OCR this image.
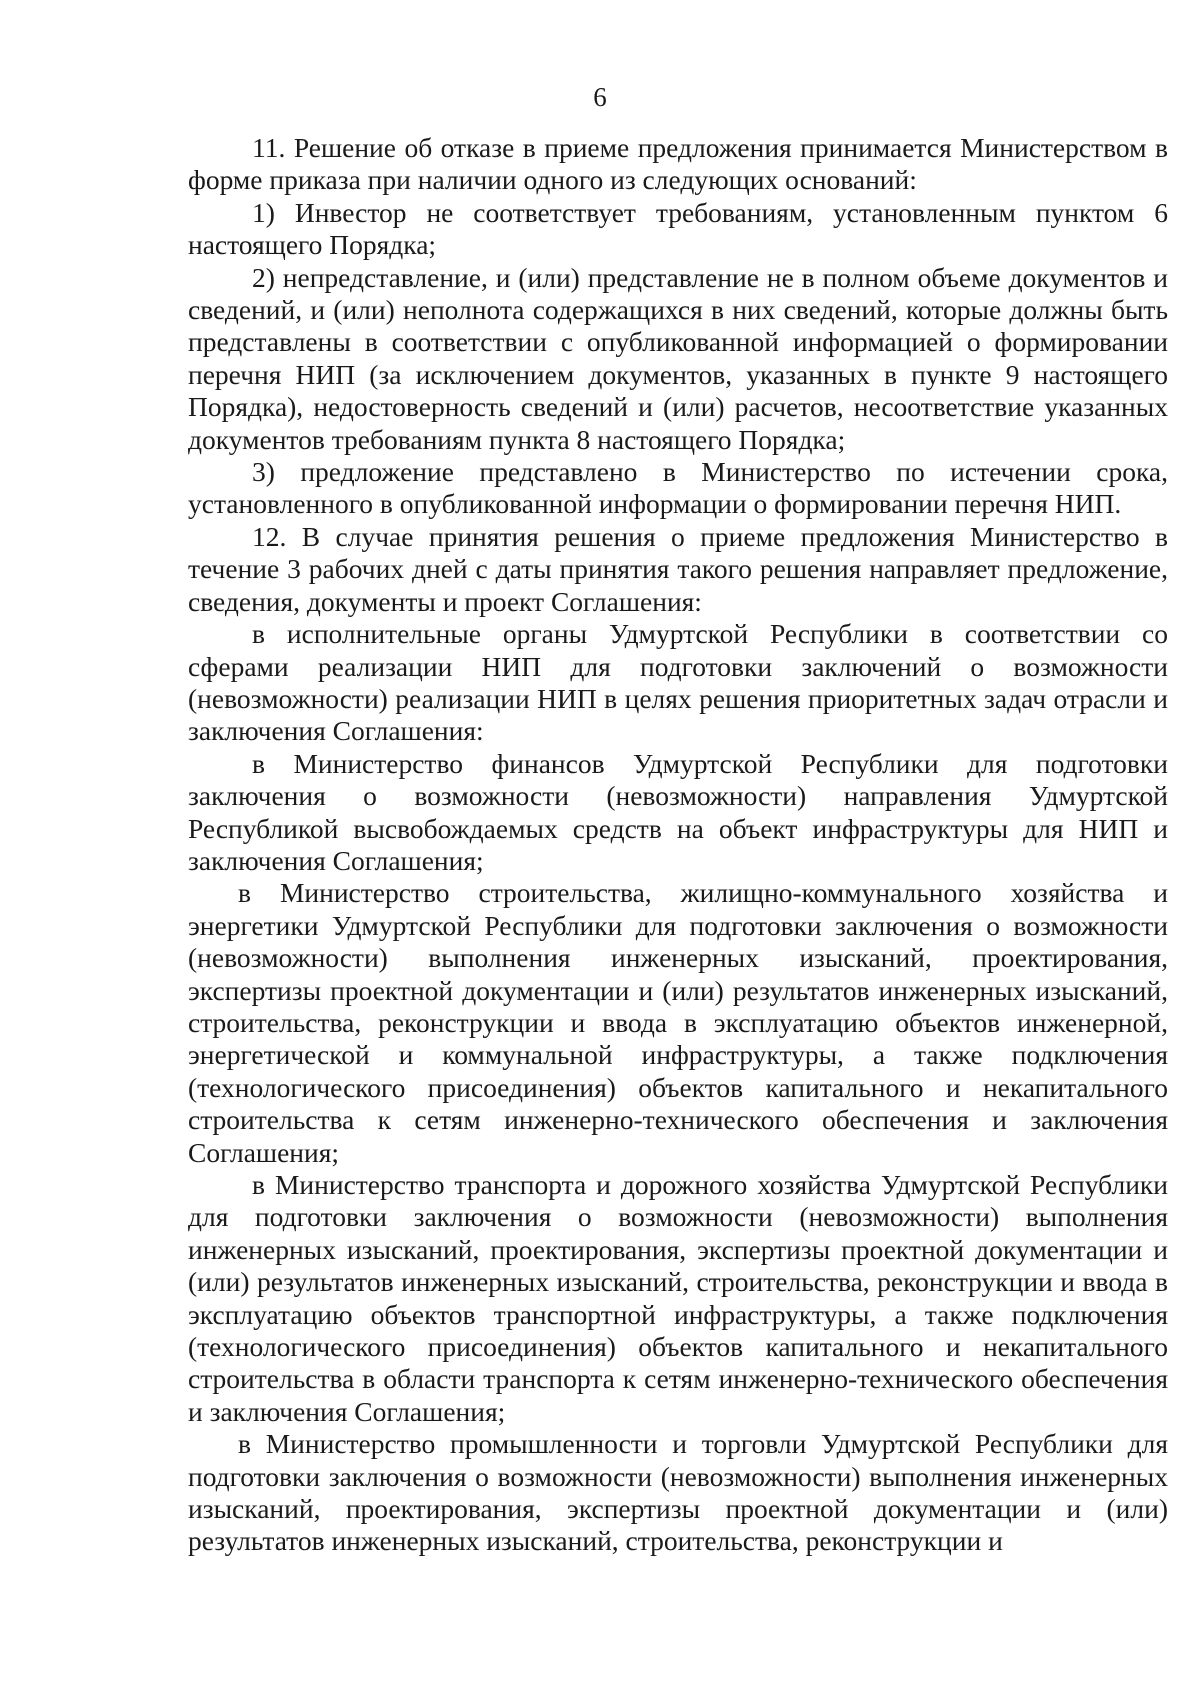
6

11. Решение об отказе в приеме предложения принимается Министерством в форме приказа при наличии одного из следующих оснований:

1) Инвестор не соответствует требованиям, установленным пунктом 6 настоящего Порядка;

2) непредставление, и (или) представление не в полном объеме документов и сведений, и (или) неполнота содержащихся в них сведений, которые должны быть представлены в соответствии с опубликованной информацией о формировании перечня НИП (за исключением документов, указанных в пункте 9 настоящего Порядка), недостоверность сведений и (или) расчетов, несоответствие указанных документов требованиям пункта 8 настоящего Порядка;

3) предложение представлено в Министерство по истечении срока, установленного в опубликованной информации о формировании перечня НИП.

12. В случае принятия решения о приеме предложения Министерство в течение 3 рабочих дней с даты принятия такого решения направляет предложение, сведения, документы и проект Соглашения:

в исполнительные органы Удмуртской Республики в соответствии со сферами реализации НИП для подготовки заключений о возможности (невозможности) реализации НИП в целях решения приоритетных задач отрасли и заключения Соглашения:

в Министерство финансов Удмуртской Республики для подготовки заключения о возможности (невозможности) направления Удмуртской Республикой высвобождаемых средств на объект инфраструктуры для НИП и заключения Соглашения;

в Министерство строительства, жилищно-коммунального хозяйства и энергетики Удмуртской Республики для подготовки заключения о возможности (невозможности) выполнения инженерных изысканий, проектирования, экспертизы проектной документации и (или) результатов инженерных изысканий, строительства, реконструкции и ввода в эксплуатацию объектов инженерной, энергетической и коммунальной инфраструктуры, а также подключения (технологического присоединения) объектов капитального и некапитального строительства к сетям инженерно-технического обеспечения и заключения Соглашения;

в Министерство транспорта и дорожного хозяйства Удмуртской Республики для подготовки заключения о возможности (невозможности) выполнения инженерных изысканий, проектирования, экспертизы проектной документации и (или) результатов инженерных изысканий, строительства, реконструкции и ввода в эксплуатацию объектов транспортной инфраструктуры, а также подключения (технологического присоединения) объектов капитального и некапитального строительства в области транспорта к сетям инженерно-технического обеспечения и заключения Соглашения;

в Министерство промышленности и торговли Удмуртской Республики для подготовки заключения о возможности (невозможности) выполнения инженерных изысканий, проектирования, экспертизы проектной документации и (или) результатов инженерных изысканий, строительства, реконструкции и
